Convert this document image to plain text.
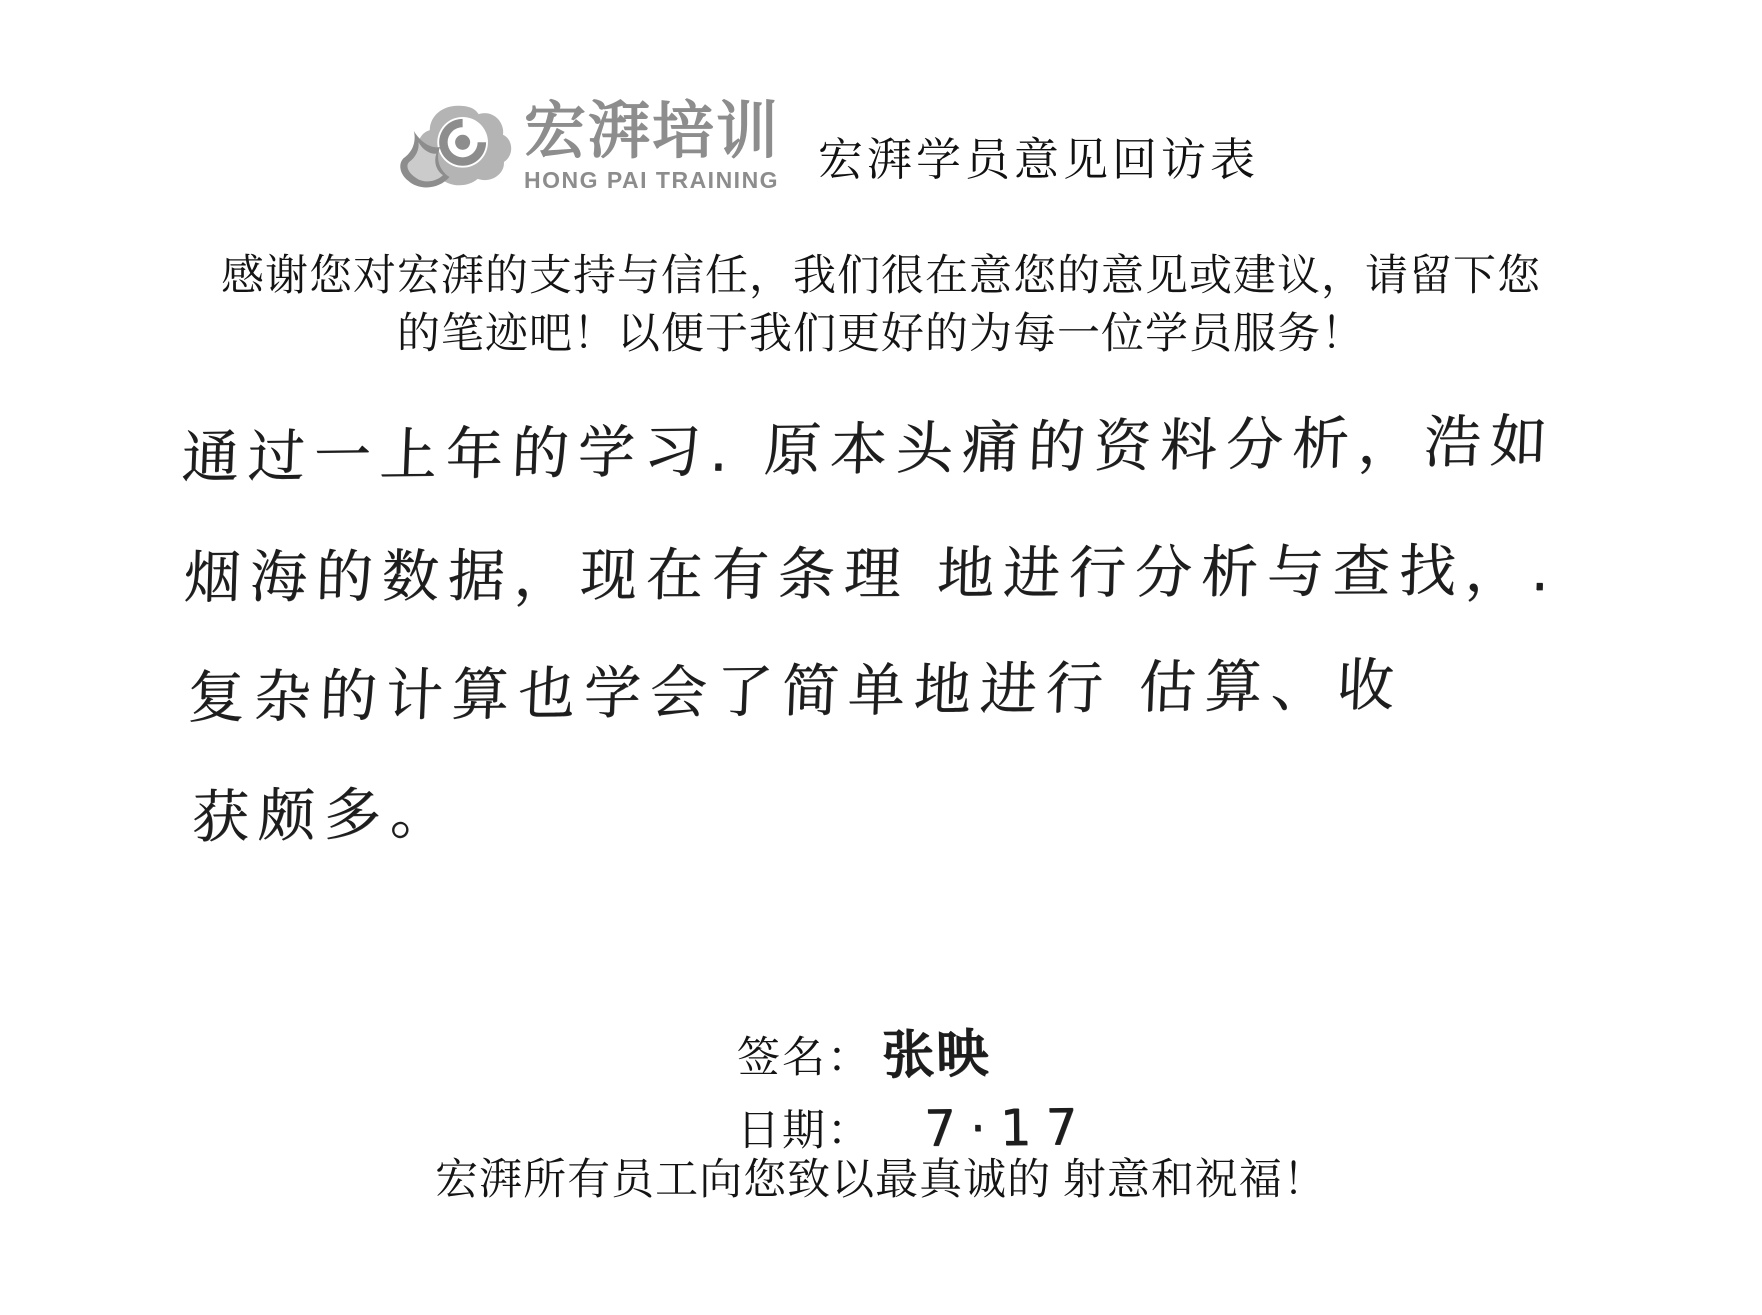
宏湃培训
HONG PAI TRAINING 宏湃学员意见回访表
感谢您对宏湃的支持与信任，我们很在意您的意见或建议，请留下您
的笔迹吧！以便于我们更好的为每一位学员服务！
通过一上年的学习. 原本头痛的资料分析，浩如
烟海的数据，现在有条理 地进行分析与查找，.
复杂的计算也学会了简单地进行 估算、收
获颇多。
签名： 张映
日期： 7·17
宏湃所有员工向您致以最真诚的 射意和祝福！
